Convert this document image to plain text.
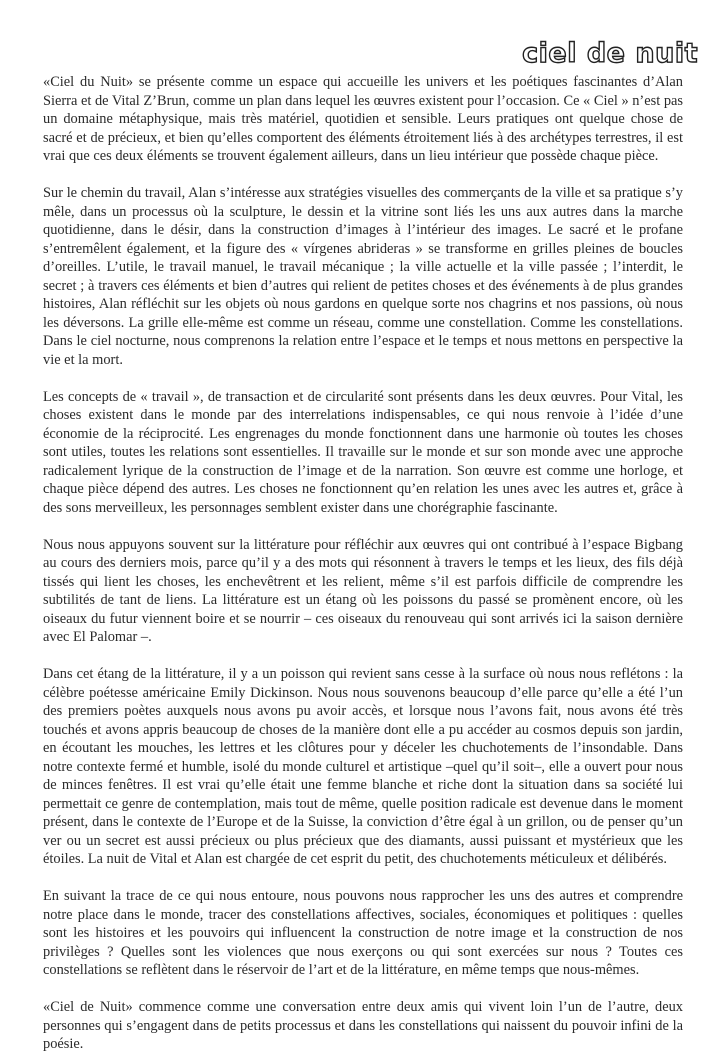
ciel de nuit

«Ciel du Nuit» se présente comme un espace qui accueille les univers et les poétiques fascinantes d’Alan Sierra et de Vital Z’Brun, comme un plan dans lequel les œuvres existent pour l’occasion. Ce « Ciel » n’est pas un domaine métaphysique, mais très matériel, quotidien et sensible. Leurs pratiques ont quelque chose de sacré et de précieux, et bien qu’elles comportent des éléments étroitement liés à des archétypes terrestres, il est vrai que ces deux éléments se trouvent également ailleurs, dans un lieu intérieur que possède chaque pièce.

Sur le chemin du travail, Alan s’intéresse aux stratégies visuelles des commerçants de la ville et sa pratique s’y mêle, dans un processus où la sculpture, le dessin et la vitrine sont liés les uns aux autres dans la marche quotidienne, dans le désir, dans la construction d’images à l’intérieur des images. Le sacré et le profane s’entremêlent également, et la figure des « vírgenes abrideras » se transforme en grilles pleines de boucles d’oreilles. L’utile, le travail manuel, le travail mécanique ; la ville actuelle et la ville passée ; l’interdit, le secret ; à travers ces éléments et bien d’autres qui relient de petites choses et des événements à de plus grandes histoires, Alan réfléchit sur les objets où nous gardons en quelque sorte nos chagrins et nos passions, où nous les déversons. La grille elle-même est comme un réseau, comme une constellation. Comme les constellations. Dans le ciel nocturne, nous comprenons la relation entre l’espace et le temps et nous mettons en perspective la vie et la mort.

Les concepts de « travail », de transaction et de circularité sont présents dans les deux œuvres. Pour Vital, les choses existent dans le monde par des interrelations indispensables, ce qui nous renvoie à l’idée d’une économie de la réciprocité. Les engrenages du monde fonctionnent dans une harmonie où toutes les choses sont utiles, toutes les relations sont essentielles. Il travaille sur le monde et sur son monde avec une approche radicalement lyrique de la construction de l’image et de la narration. Son œuvre est comme une horloge, et chaque pièce dépend des autres. Les choses ne fonctionnent qu’en relation les unes avec les autres et, grâce à des sons merveilleux, les personnages semblent exister dans une chorégraphie fascinante.

Nous nous appuyons souvent sur la littérature pour réfléchir aux œuvres qui ont contribué à l’espace Bigbang au cours des derniers mois, parce qu’il y a des mots qui résonnent à travers le temps et les lieux, des fils déjà tissés qui lient les choses, les enchevêtrent et les relient, même s’il est parfois difficile de comprendre les subtilités de tant de liens. La littérature est un étang où les poissons du passé se promènent encore, où les oiseaux du futur viennent boire et se nourrir – ces oiseaux du renouveau qui sont arrivés ici la saison dernière avec El Palomar –.

Dans cet étang de la littérature, il y a un poisson qui revient sans cesse à la surface où nous nous reflétons : la célèbre poétesse américaine Emily Dickinson. Nous nous souvenons beaucoup d’elle parce qu’elle a été l’un des premiers poètes auxquels nous avons pu avoir accès, et lorsque nous l’avons fait, nous avons été très touchés et avons appris beaucoup de choses de la manière dont elle a pu accéder au cosmos depuis son jardin, en écoutant les mouches, les lettres et les clôtures pour y déceler les chuchotements de l’insondable. Dans notre contexte fermé et humble, isolé du monde culturel et artistique –quel qu’il soit–, elle a ouvert pour nous de minces fenêtres. Il est vrai qu’elle était une femme blanche et riche dont la situation dans sa société lui permettait ce genre de contemplation, mais tout de même, quelle position radicale est devenue dans le moment présent, dans le contexte de l’Europe et de la Suisse, la conviction d’être égal à un grillon, ou de penser qu’un ver ou un secret est aussi précieux ou plus précieux que des diamants, aussi puissant et mystérieux que les étoiles. La nuit de Vital et Alan est chargée de cet esprit du petit, des chuchotements méticuleux et délibérés.

En suivant la trace de ce qui nous entoure, nous pouvons nous rapprocher les uns des autres et comprendre notre place dans le monde, tracer des constellations affectives, sociales, économiques et politiques : quelles sont les histoires et les pouvoirs qui influencent la construction de notre image et la construction de nos privilèges ? Quelles sont les violences que nous exerçons ou qui sont exercées sur nous ? Toutes ces constellations se reflètent dans le réservoir de l’art et de la littérature, en même temps que nous-mêmes.

«Ciel de Nuit» commence comme une conversation entre deux amis qui vivent loin l’un de l’autre, deux personnes qui s’engagent dans de petits processus et dans les constellations qui naissent du pouvoir infini de la poésie.
